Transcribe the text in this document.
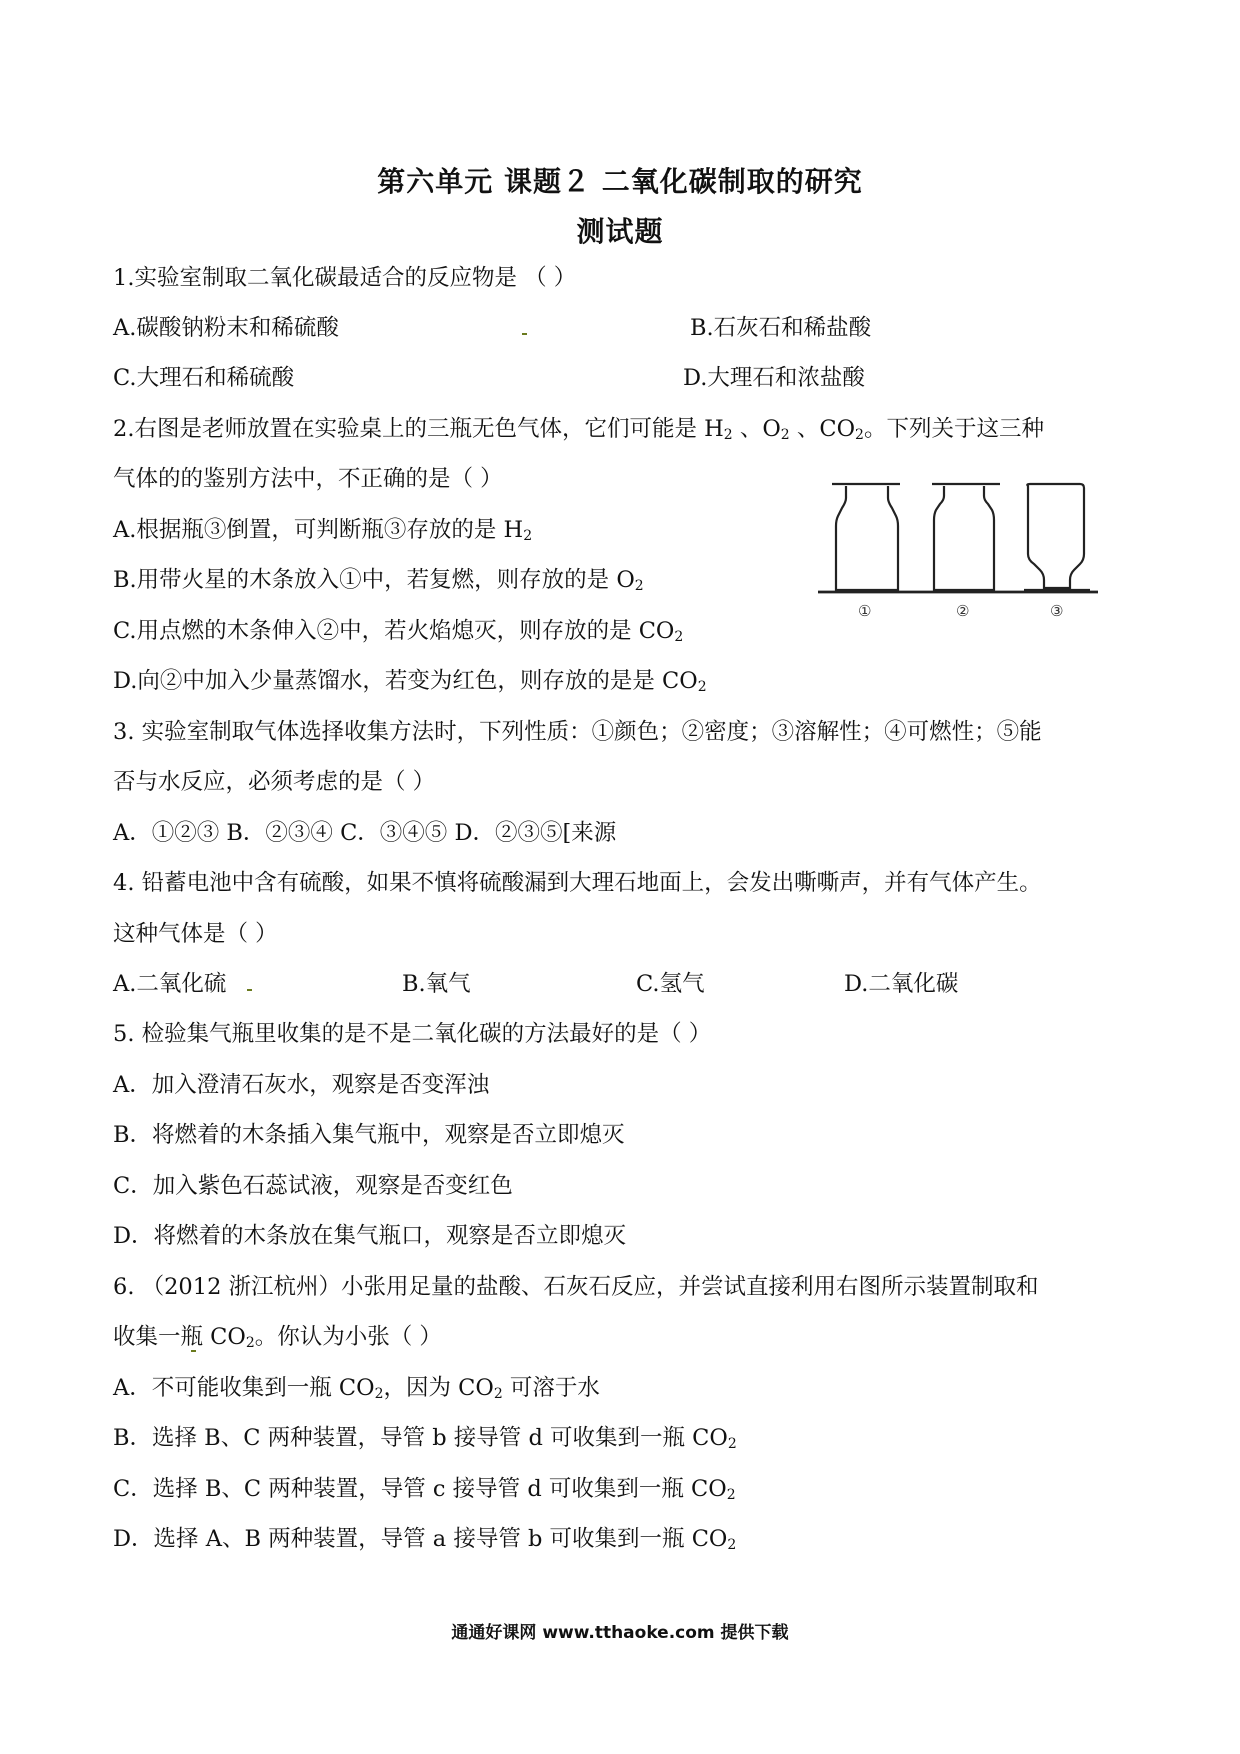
第六单元 课题２ 二氧化碳制取的研究
测试题
1.实验室制取二氧化碳最适合的反应物是 （ ）
A.碳酸钠粉末和稀硫酸	B.石灰石和稀盐酸
C.大理石和稀硫酸	D.大理石和浓盐酸
2.右图是老师放置在实验桌上的三瓶无色气体，它们可能是 $H_2$ 、$O_2$ 、$CO_2$。下列关于这三种
气体的的鉴别方法中，不正确的是（ ）
A.根据瓶③倒置，可判断瓶③存放的是 $H_2$
B.用带火星的木条放入①中，若复燃，则存放的是 $O_2$
C.用点燃的木条伸入②中，若火焰熄灭，则存放的是 $CO_2$
D.向②中加入少量蒸馏水，若变为红色，则存放的是是 $CO_2$
①	②	③
3. 实验室制取气体选择收集方法时，下列性质：①颜色；②密度；③溶解性；④可燃性；⑤能
否与水反应，必须考虑的是（ ）
A．①②③ B．②③④ C．③④⑤ D．②③⑤[来源
4. 铅蓄电池中含有硫酸，如果不慎将硫酸漏到大理石地面上，会发出嘶嘶声，并有气体产生。
这种气体是（ ）
A.二氧化硫	B.氧气	C.氢气	D.二氧化碳
5. 检验集气瓶里收集的是不是二氧化碳的方法最好的是（ ）
A．加入澄清石灰水，观察是否变浑浊
B．将燃着的木条插入集气瓶中，观察是否立即熄灭
C．加入紫色石蕊试液，观察是否变红色
D．将燃着的木条放在集气瓶口，观察是否立即熄灭
6. （2012 浙江杭州）小张用足量的盐酸、石灰石反应，并尝试直接利用右图所示装置制取和
收集一瓶 $CO_2$。你认为小张（ ）
A．不可能收集到一瓶 $CO_2$，因为 $CO_2$ 可溶于水
B．选择 B、C 两种装置，导管 b 接导管 d 可收集到一瓶 $CO_2$
C．选择 B、C 两种装置，导管 c 接导管 d 可收集到一瓶 $CO_2$
D．选择 A、B 两种装置，导管 a 接导管 b 可收集到一瓶 $CO_2$
通通好课网 www.tthaoke.com 提供下载
